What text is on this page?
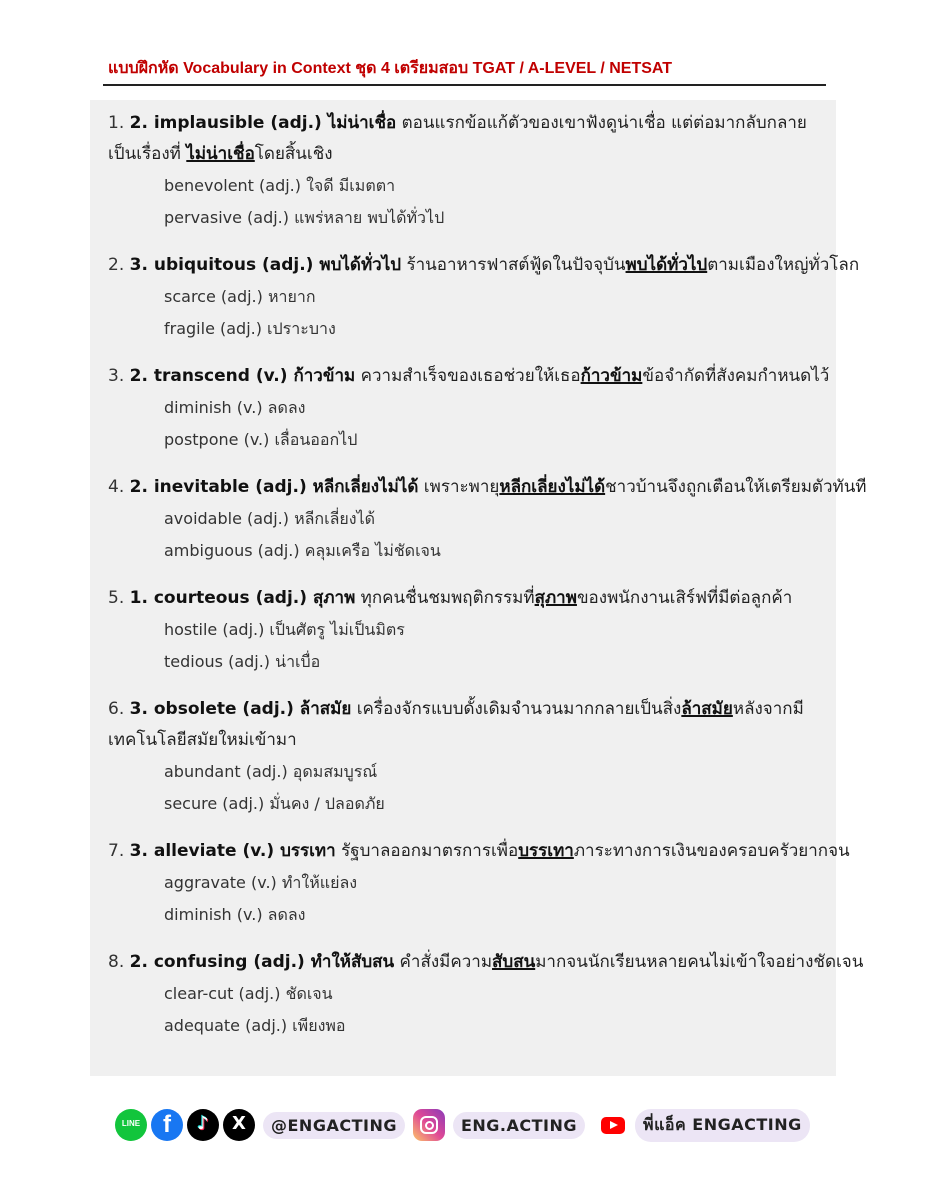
แบบฝึกหัด Vocabulary in Context ชุด 4 เตรียมสอบ TGAT / A-LEVEL / NETSAT
1. 2. implausible (adj.) ไม่น่าเชื่อ ตอนแรกข้อแก้ตัวของเขาฟังดูน่าเชื่อ แต่ต่อมากลับกลายเป็นเรื่องที่ ไม่น่าเชื่อโดยสิ้นเชิง
benevolent (adj.) ใจดี มีเมตตา
pervasive (adj.) แพร่หลาย พบได้ทั่วไป
2. 3. ubiquitous (adj.) พบได้ทั่วไป ร้านอาหารฟาสต์ฟู้ดในปัจจุบันพบได้ทั่วไปตามเมืองใหญ่ทั่วโลก
scarce (adj.) หายาก
fragile (adj.) เปราะบาง
3. 2. transcend (v.) ก้าวข้าม ความสำเร็จของเธอช่วยให้เธอก้าวข้ามข้อจำกัดที่สังคมกำหนดไว้
diminish (v.) ลดลง
postpone (v.) เลื่อนออกไป
4. 2. inevitable (adj.) หลีกเลี่ยงไม่ได้ เพราะพายุหลีกเลี่ยงไม่ได้ชาวบ้านจึงถูกเตือนให้เตรียมตัวทันที
avoidable (adj.) หลีกเลี่ยงได้
ambiguous (adj.) คลุมเครือ ไม่ชัดเจน
5. 1. courteous (adj.) สุภาพ ทุกคนชื่นชมพฤติกรรมที่สุภาพของพนักงานเสิร์ฟที่มีต่อลูกค้า
hostile (adj.) เป็นศัตรู ไม่เป็นมิตร
tedious (adj.) น่าเบื่อ
6. 3. obsolete (adj.) ล้าสมัย เครื่องจักรแบบดั้งเดิมจำนวนมากกลายเป็นสิ่งล้าสมัยหลังจากมีเทคโนโลยีสมัยใหม่เข้ามา
abundant (adj.) อุดมสมบูรณ์
secure (adj.) มั่นคง / ปลอดภัย
7. 3. alleviate (v.) บรรเทา รัฐบาลออกมาตรการเพื่อบรรเทาภาระทางการเงินของครอบครัวยากจน
aggravate (v.) ทำให้แย่ลง
diminish (v.) ลดลง
8. 2. confusing (adj.) ทำให้สับสน คำสั่งมีความสับสนมากจนนักเรียนหลายคนไม่เข้าใจอย่างชัดเจน
clear-cut (adj.) ชัดเจน
adequate (adj.) เพียงพอ
LINE f	♪	X	@ENGACTING	ENG.ACTING	พี่แอ็ค ENGACTING
